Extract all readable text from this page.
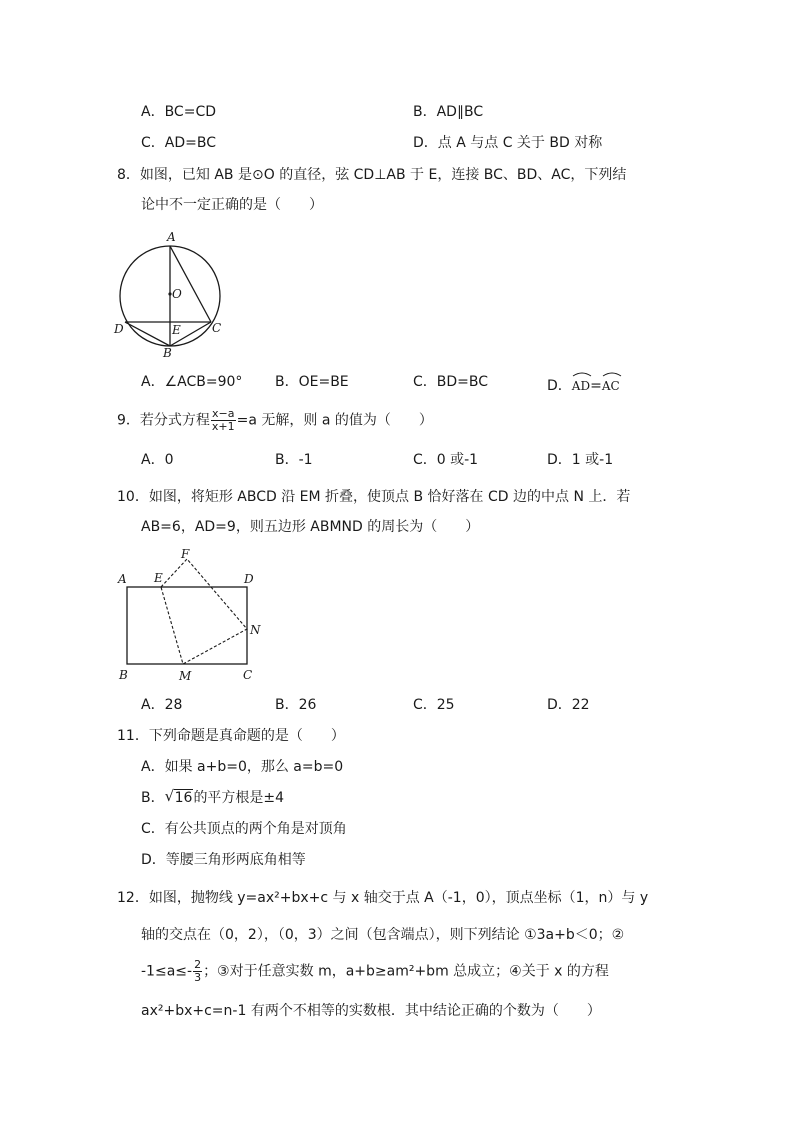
A．BC=CD	B．AD∥BC
C．AD=BC	D．点 A 与点 C 关于 BD 对称
8．如图，已知 AB 是⊙O 的直径，弦 CD⊥AB 于 E，连接 BC、BD、AC，下列结
论中不一定正确的是（　　）
A
O
D	E	C
B
A．∠ACB=90° B．OE=BE	C．BD=BC	D．
AD=
AC
9．若分式方程 $\frac{x-a}{x+1} =a$ 无解，则 a 的值为（　　）
A．0	B．-1	C．0 或-1	D．1 或-1
10．如图，将矩形 ABCD 沿 EM 折叠，使顶点 B 恰好落在 CD 边的中点 N 上．若
AB=6，AD=9，则五边形 ABMND 的周长为（　　）
F
A E	D
N
B	M	C
A．28	B．26	C．25	D．22
11．下列命题是真命题的是（　　）
A．如果 a+b=0，那么 a=b=0
B． √ 16的平方根是±4
C．有公共顶点的两个角是对顶角
D．等腰三角形两底角相等
12．如图，抛物线 y=ax²+bx+c 与 x 轴交于点 A（-1，0），顶点坐标（1，n）与 y
轴的交点在（0，2），（0，3）之间（包含端点），则下列结论 ①3a+b＜0；②
$-1\le a\le- \frac{2}{3}$ ；③对于任意实数 m，a+b≥am²+bm 总成立；④关于 x 的方程
ax²+bx+c=n-1 有两个不相等的实数根．其中结论正确的个数为（　　）
